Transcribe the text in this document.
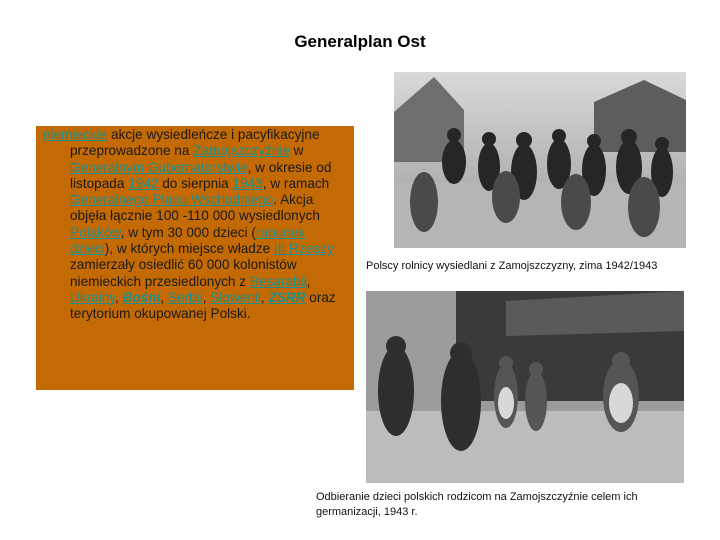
Generalplan Ost

niemieckie akcje wysiedleńcze i pacyfikacyjne przeprowadzone na Zamojszczyźnie w Generalnym Gubernatorstwie, w okresie od listopada 1942 do sierpnia 1943, w ramach Generalnego Planu Wschodniego. Akcja objęła łącznie 100 -110 000 wysiedlonych Polaków, w tym 30 000 dzieci (rabunek dzieci), w których miejsce władze III Rzeszy zamierzały osiedlić 60 000 kolonistów niemieckich przesiedlonych z Besarabii, Ukrainy, Bośni, Serbii, Słowenii, ZSRR oraz terytorium okupowanej Polski.

Polscy rolnicy wysiedlani z Zamojszczyzny, zima 1942/1943
Odbieranie dzieci polskich rodzicom na Zamojszczyźnie celem ich germanizacji, 1943 r.
